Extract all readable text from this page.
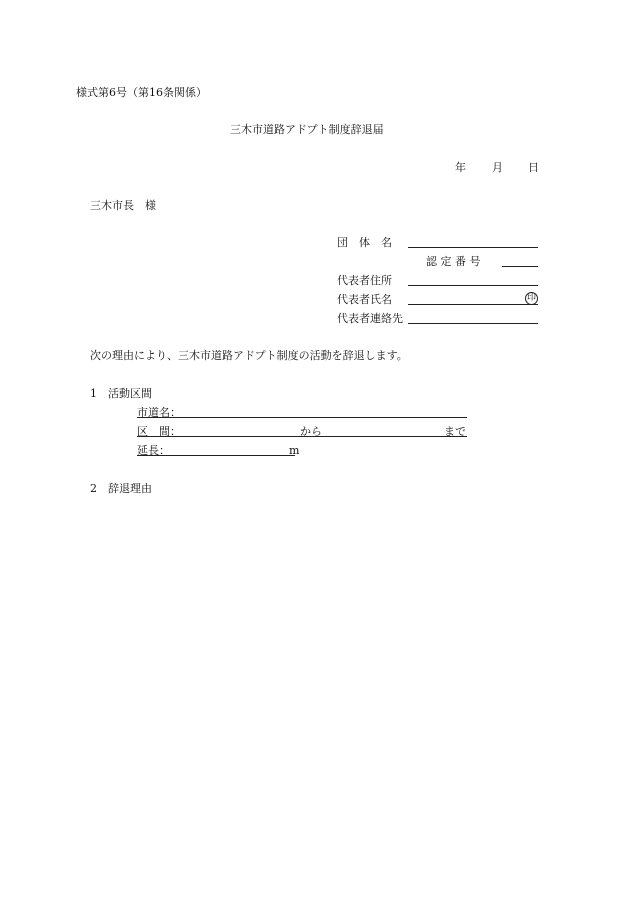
様式第6号（第16条関係）
三木市道路アドプト制度辞退届
年 月 日
三木市長　様
団　体　名
認 定 番 号
代表者住所
代表者氏名	印
代表者連絡先
次の理由により、三木市道路アドプト制度の活動を辞退します。
1　活動区間
市道名：
区　間：	から	まで
延長：	m
2　辞退理由
